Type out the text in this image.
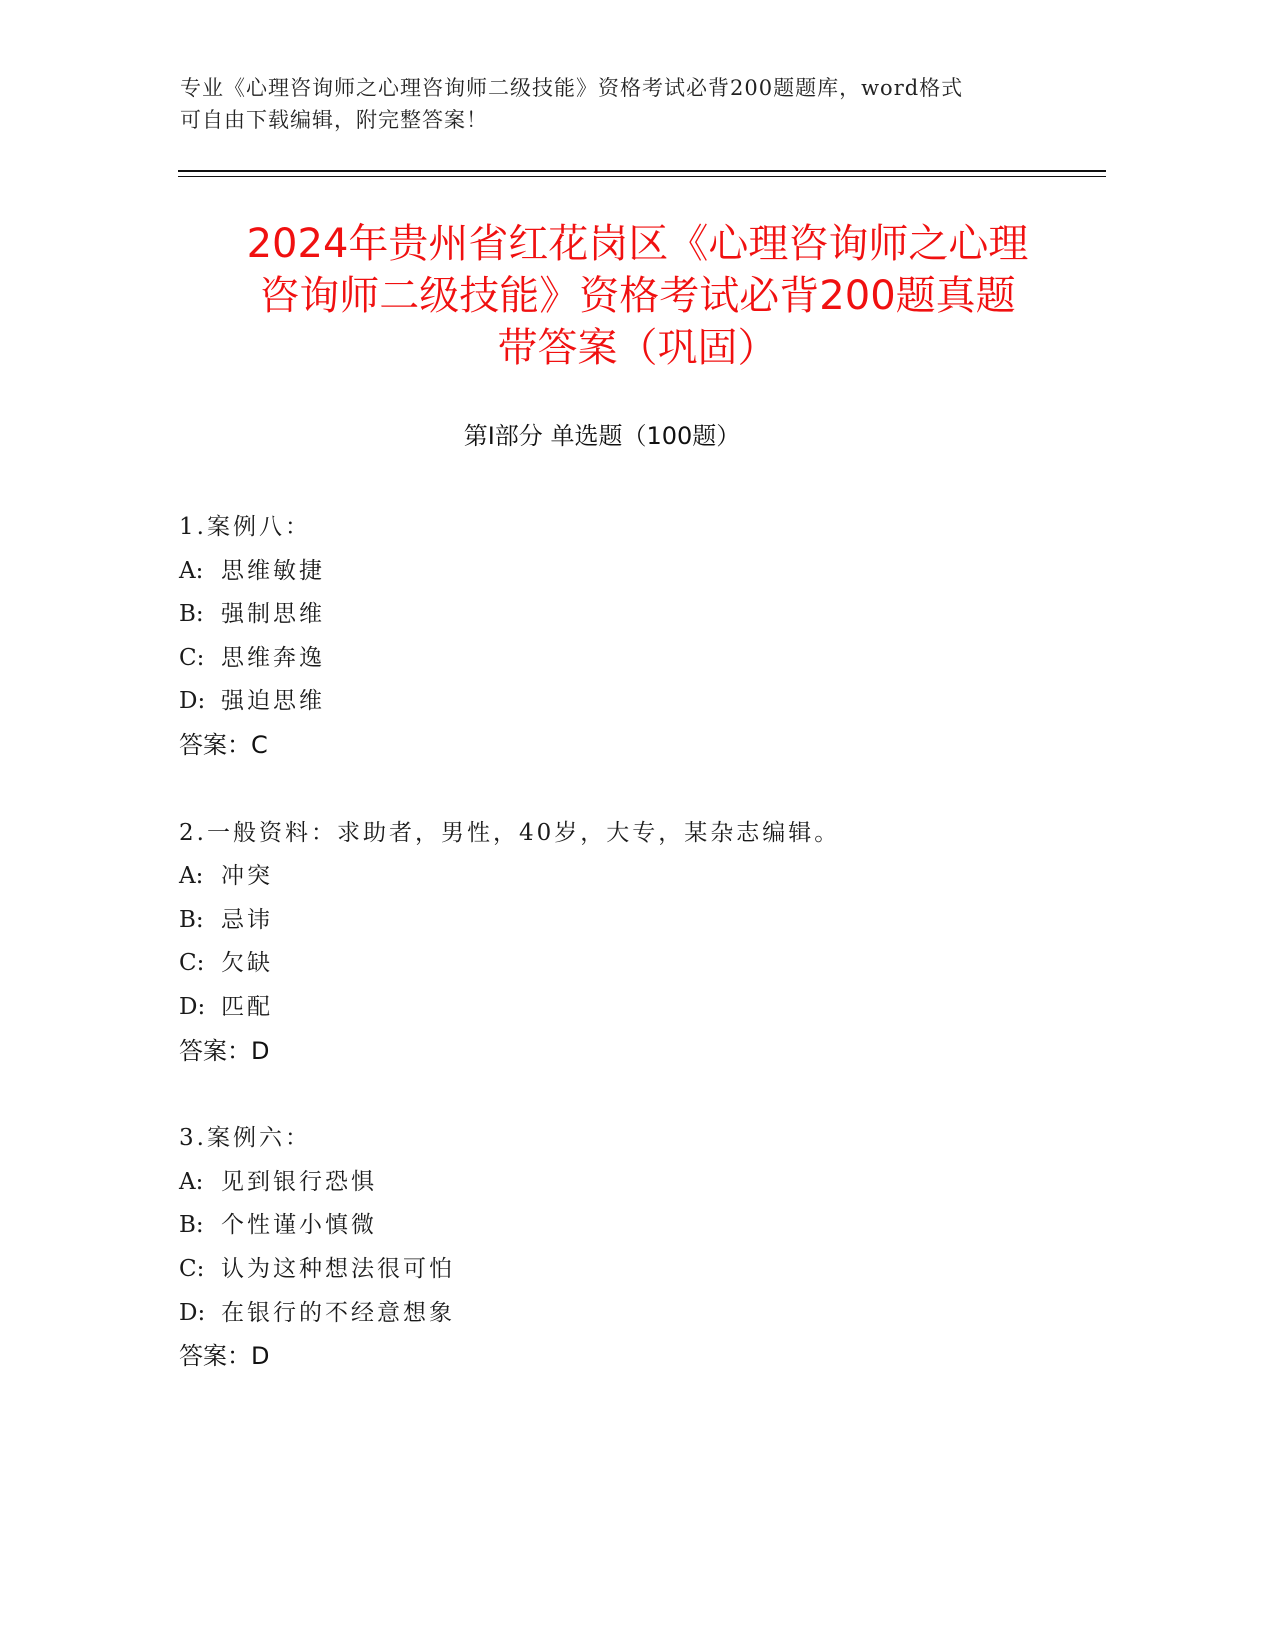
专业《心理咨询师之心理咨询师二级技能》资格考试必背200题题库，word格式
可自由下载编辑，附完整答案！
2024年贵州省红花岗区《心理咨询师之心理
咨询师二级技能》资格考试必背200题真题
带答案（巩固）
第Ⅰ部分 单选题（100题）
1.案例八：
A: 思维敏捷
B: 强制思维
C: 思维奔逸
D: 强迫思维
答案：C
2.一般资料：求助者，男性，40岁，大专，某杂志编辑。
A: 冲突
B: 忌讳
C: 欠缺
D: 匹配
答案：D
3.案例六：
A: 见到银行恐惧
B: 个性谨小慎微
C: 认为这种想法很可怕
D: 在银行的不经意想象
答案：D
